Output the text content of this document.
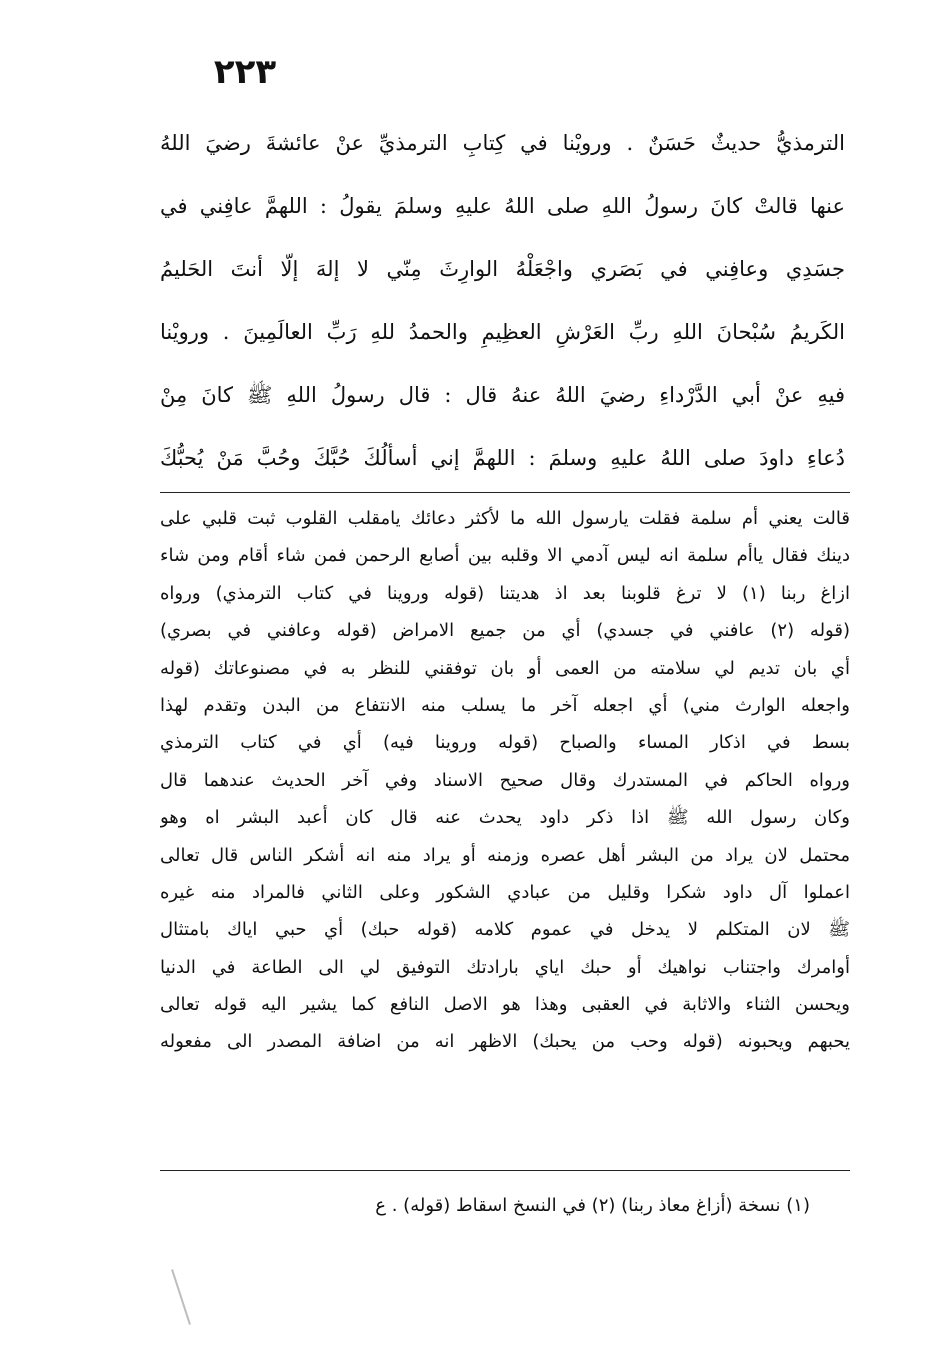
٢٢٣
الترمذيُّ حديثٌ حَسَنٌ . ورويْنا في كِتابِ الترمذيِّ عنْ عائشةَ رضيَ اللهُ
عنها قالتْ كانَ رسولُ اللهِ صلى اللهُ عليهِ وسلمَ يقولُ : اللهمَّ عافِني في
جسَدِي وعافِني في بَصَري واجْعَلْهُ الوارِثَ مِنّي لا إلهَ إلّا أنتَ الحَليمُ
الكَريمُ سُبْحانَ اللهِ ربِّ العَرْشِ العظِيمِ والحمدُ للهِ رَبِّ العالَمِينَ . ورويْنا
فيهِ عنْ أبي الدَّرْداءِ رضيَ اللهُ عنهُ قال : قال رسولُ اللهِ ﷺ كانَ مِنْ
دُعاءِ داودَ صلى اللهُ عليهِ وسلمَ : اللهمَّ إني أسألُكَ حُبَّكَ وحُبَّ مَنْ يُحبُّكَ
قالت يعني أم سلمة فقلت يارسول الله ما لأكثر دعائك يامقلب القلوب ثبت قلبي على
دينك فقال ياأم سلمة انه ليس آدمي الا وقلبه بين أصابع الرحمن فمن شاء أقام ومن شاء
ازاغ ربنا (١) لا ترغ قلوبنا بعد اذ هديتنا (قوله وروينا في كتاب الترمذي) ورواه
(قوله (٢) عافني في جسدي) أي من جميع الامراض (قوله وعافني في بصري)
أي بان تديم لي سلامته من العمى أو بان توفقني للنظر به في مصنوعاتك (قوله
واجعله الوارث مني) أي اجعله آخر ما يسلب منه الانتفاع من البدن وتقدم لهذا
بسط في اذكار المساء والصباح (قوله وروينا فيه) أي في كتاب الترمذي
ورواه الحاكم في المستدرك وقال صحيح الاسناد وفي آخر الحديث عندهما قال
وكان رسول الله ﷺ اذا ذكر داود يحدث عنه قال كان أعبد البشر اه وهو
محتمل لان يراد من البشر أهل عصره وزمنه أو يراد منه انه أشكر الناس قال تعالى
اعملوا آل داود شكرا وقليل من عبادي الشكور وعلى الثاني فالمراد منه غيره
ﷺ لان المتكلم لا يدخل في عموم كلامه (قوله حبك) أي حبي اياك بامتثال
أوامرك واجتناب نواهيك أو حبك اياي بارادتك التوفيق لي الى الطاعة في الدنيا
ويحسن الثناء والاثابة في العقبى وهذا هو الاصل النافع كما يشير اليه قوله تعالى
يحبهم ويحبونه (قوله وحب من يحبك) الاظهر انه من اضافة المصدر الى مفعوله
(١) نسخة (أزاغ معاذ ربنا) (٢) في النسخ اسقاط (قوله) . ع
